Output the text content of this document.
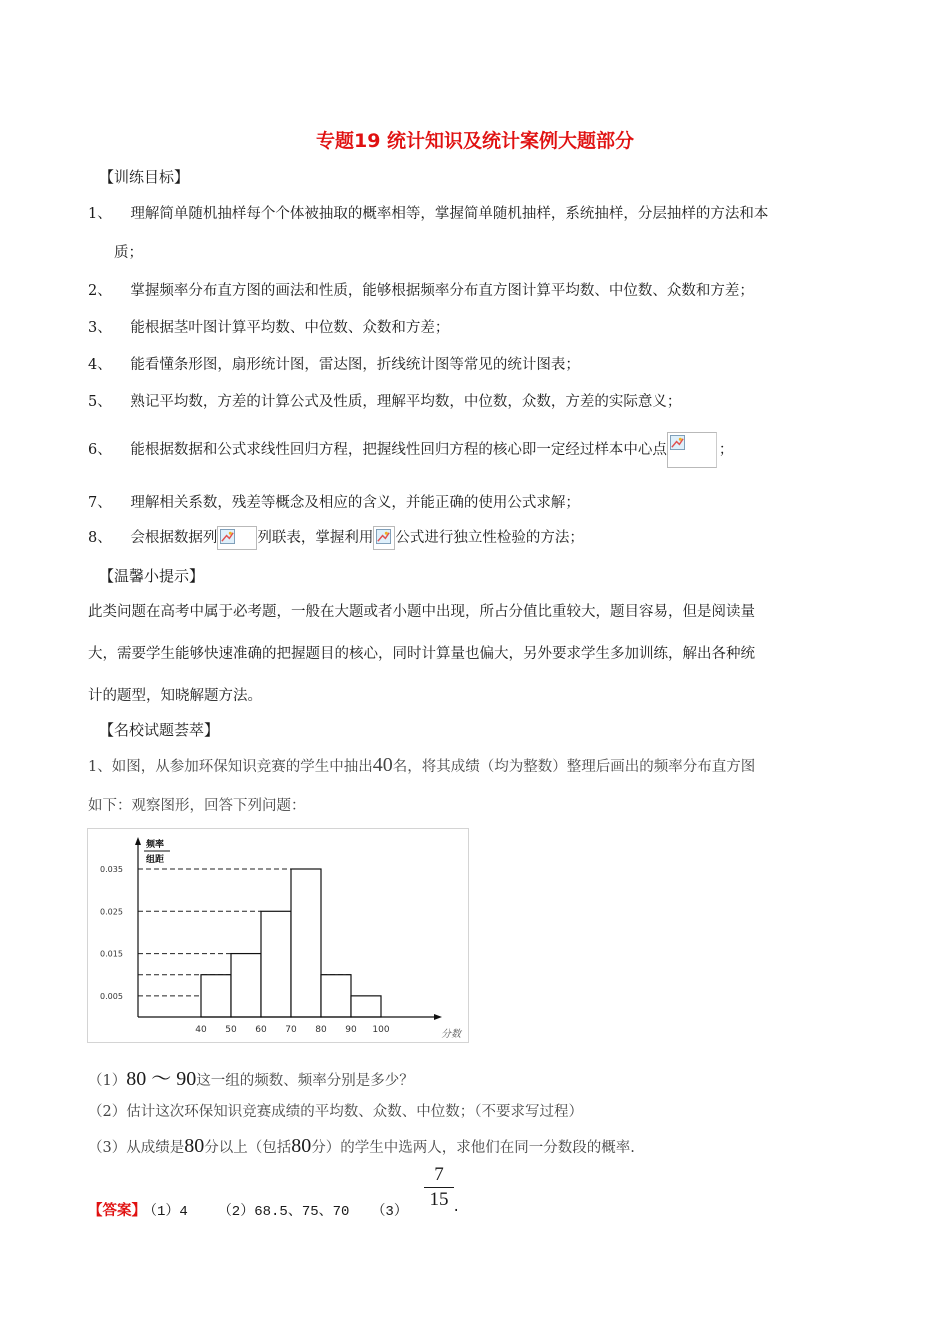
专题19 统计知识及统计案例大题部分
【训练目标】
1、 理解简单随机抽样每个个体被抽取的概率相等，掌握简单随机抽样，系统抽样，分层抽样的方法和本
质；
2、 掌握频率分布直方图的画法和性质，能够根据频率分布直方图计算平均数、中位数、众数和方差；
3、 能根据茎叶图计算平均数、中位数、众数和方差；
4、 能看懂条形图，扇形统计图，雷达图，折线统计图等常见的统计图表；
5、 熟记平均数，方差的计算公式及性质，理解平均数，中位数，众数，方差的实际意义；
6、 能根据数据和公式求线性回归方程，把握线性回归方程的核心即一定经过样本中心点	；
7、 理解相关系数，残差等概念及相应的含义，并能正确的使用公式求解；
8、 会根据数据列	列联表，掌握利用 公式进行独立性检验的方法；
【温馨小提示】
此类问题在高考中属于必考题，一般在大题或者小题中出现，所占分值比重较大，题目容易，但是阅读量
大，需要学生能够快速准确的把握题目的核心，同时计算量也偏大，另外要求学生多加训练，解出各种统
计的题型，知晓解题方法。
【名校试题荟萃】
1、如图，从参加环保知识竞赛的学生中抽出40名，将其成绩（均为整数）整理后画出的频率分布直方图
如下：观察图形，回答下列问题：
0.035
0.025
0.015
0.005
40 50 60 70 80 90 100
频率
组距
分数
（1）80 ～ 90这一组的频数、频率分别是多少？
（2）估计这次环保知识竞赛成绩的平均数、众数、中位数；（不要求写过程）
（3）从成绩是80分以上（包括80分）的学生中选两人，求他们在同一分数段的概率.
【答案】 （1）4 （2）68.5、75、70 （3）
$\frac{7}{15}$
.
